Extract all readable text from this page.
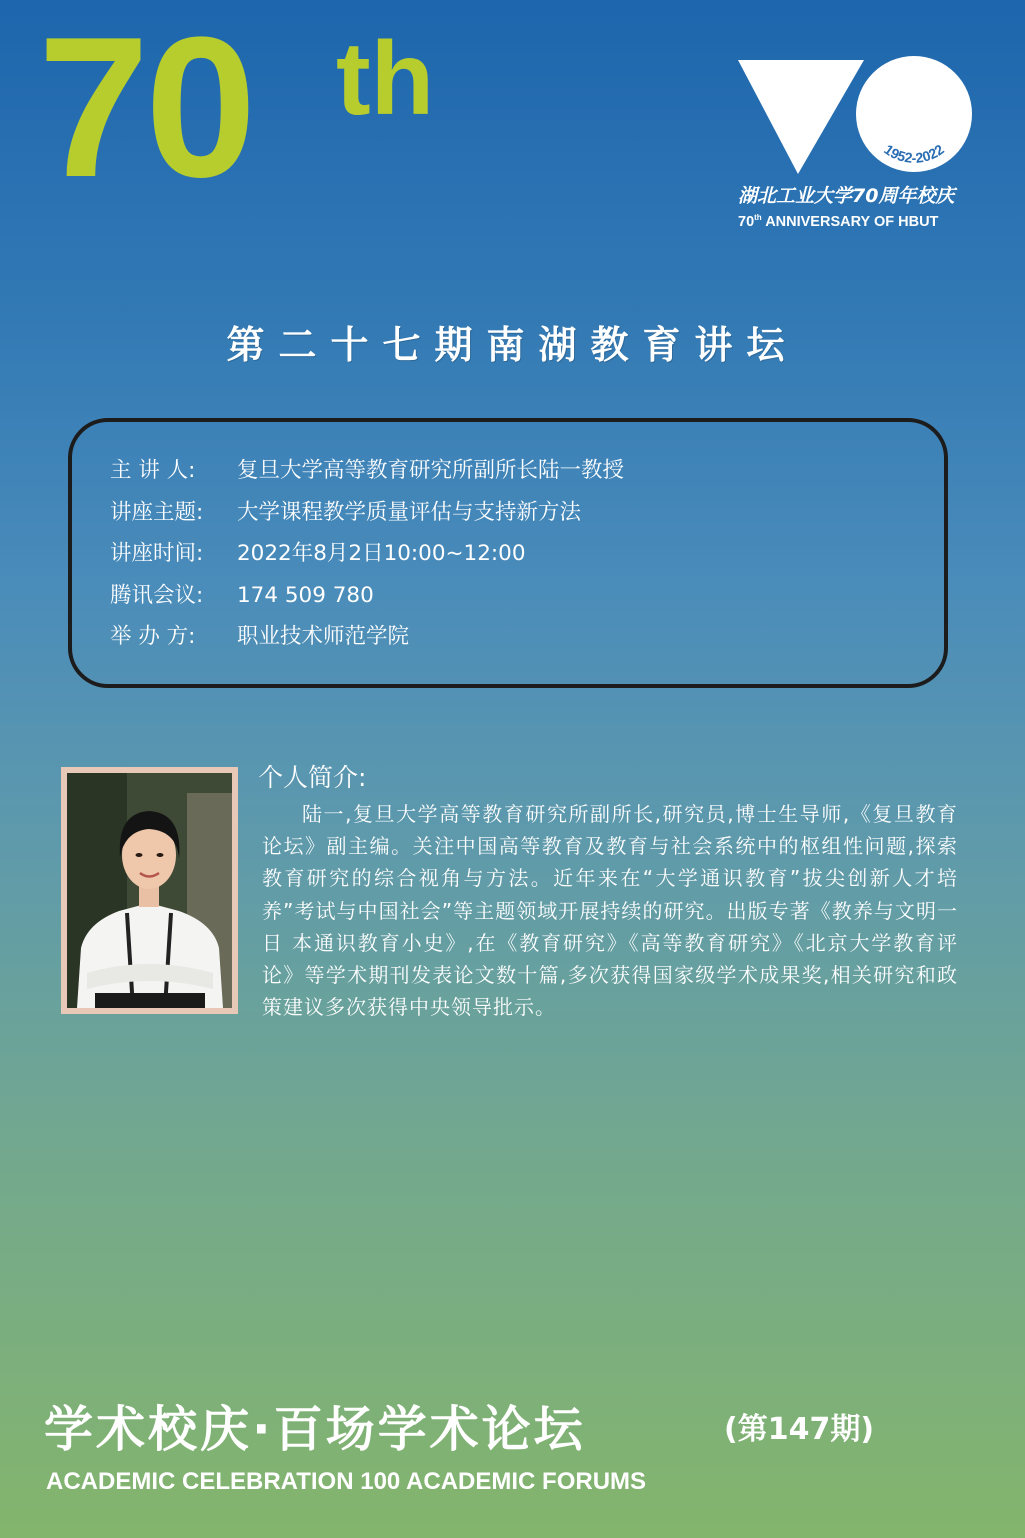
70 th
1952-2022
湖北工业大学70周年校庆
70th ANNIVERSARY OF HBUT
第二十七期南湖教育讲坛
主 讲 人: 复旦大学高等教育研究所副所长陆一教授
讲座主题: 大学课程教学质量评估与支持新方法
讲座时间: 2022年8月2日10:00~12:00
腾讯会议: 174 509 780
举 办 方: 职业技术师范学院
个人简介:
陆一,复旦大学高等教育研究所副所长,研究员,博士生导师,《复旦教育论坛》副主编。关注中国高等教育及教育与社会系统中的枢组性问题,探索教育研究的综合视角与方法。近年来在“大学通识教育”拔尖创新人才培养”考试与中国社会”等主题领域开展持续的研究。出版专著《教养与文明一日 本通识教育小史》,在《教育研究》《高等教育研究》《北京大学教育评论》等学术期刊发表论文数十篇,多次获得国家级学术成果奖,相关研究和政策建议多次获得中央领导批示。
学术校庆·百场学术论坛	(第147期)
ACADEMIC CELEBRATION 100 ACADEMIC FORUMS
